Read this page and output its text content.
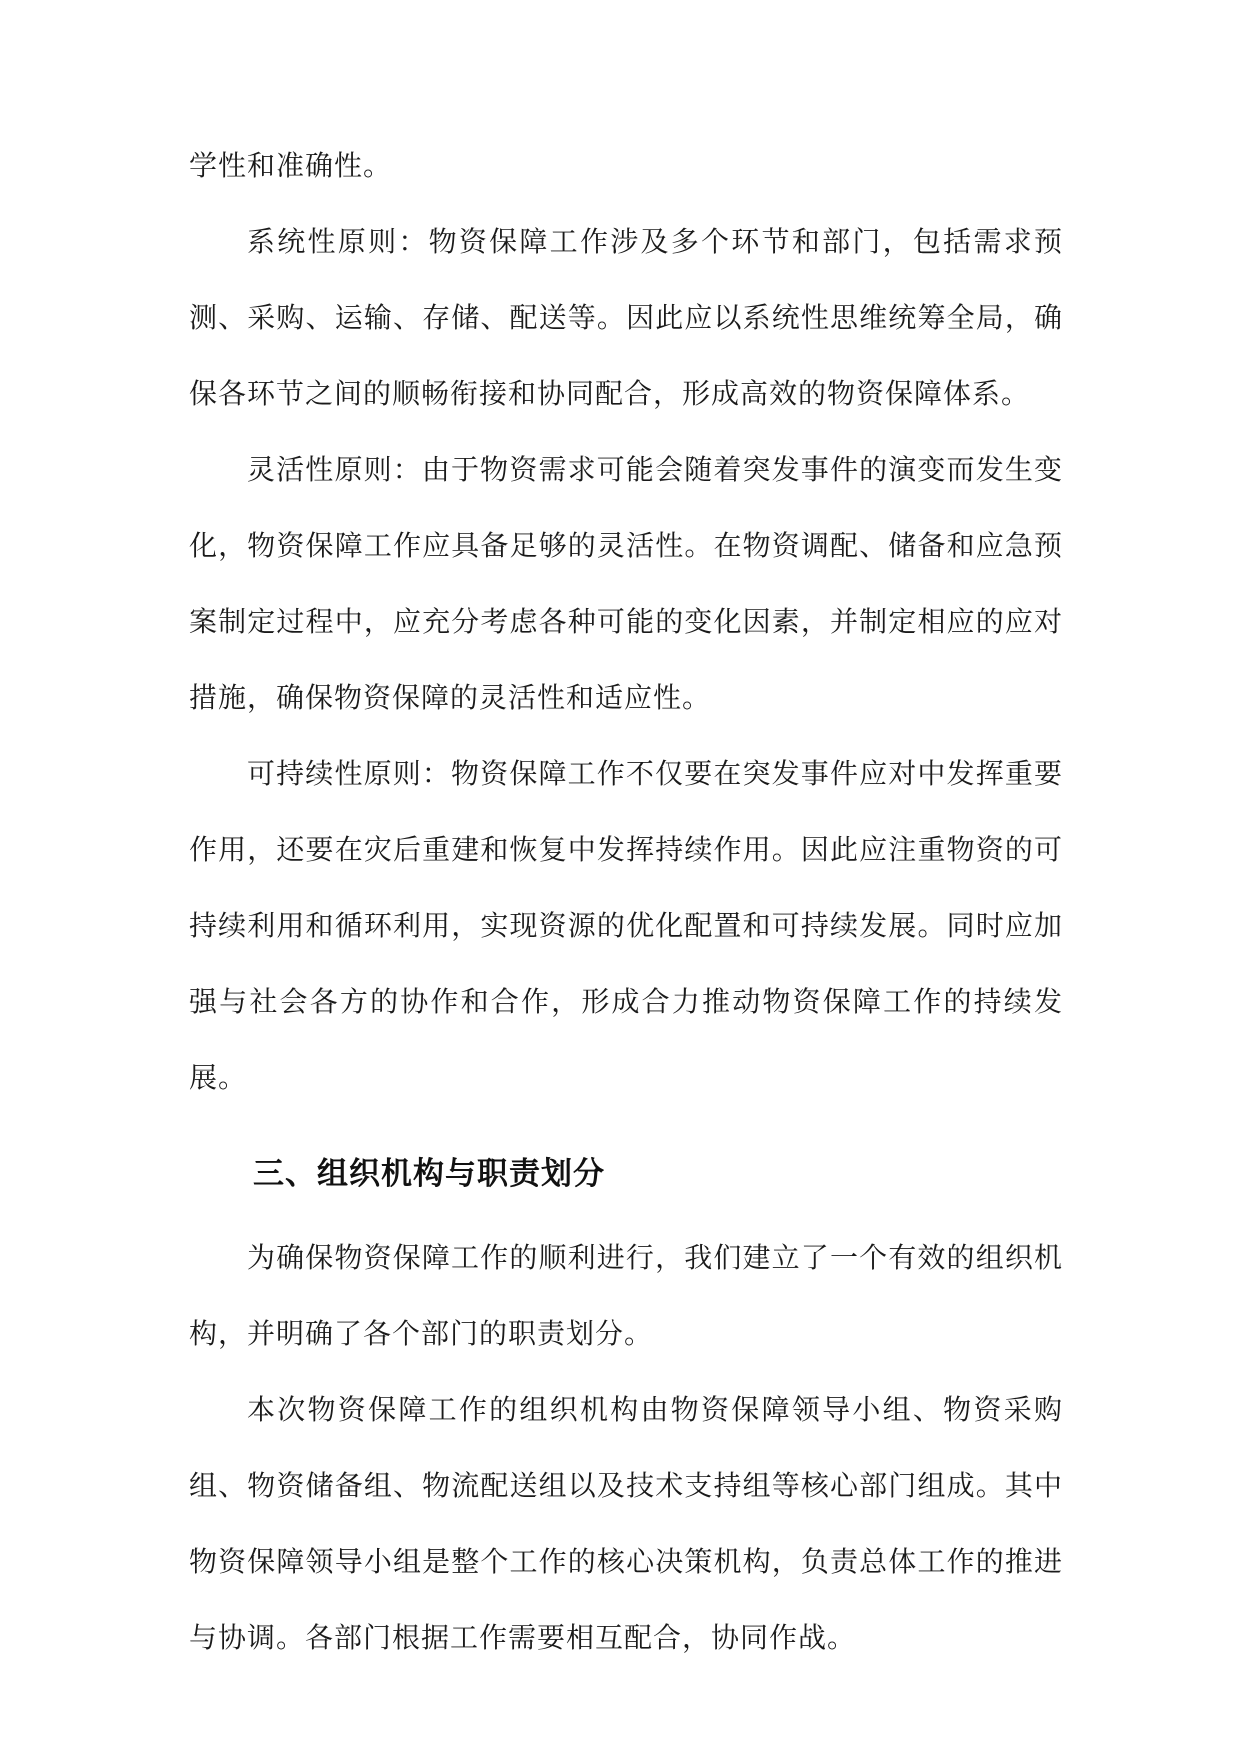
学性和准确性。

系统性原则：物资保障工作涉及多个环节和部门，包括需求预测、采购、运输、存储、配送等。因此应以系统性思维统筹全局，确保各环节之间的顺畅衔接和协同配合，形成高效的物资保障体系。

灵活性原则：由于物资需求可能会随着突发事件的演变而发生变化，物资保障工作应具备足够的灵活性。在物资调配、储备和应急预案制定过程中，应充分考虑各种可能的变化因素，并制定相应的应对措施，确保物资保障的灵活性和适应性。

可持续性原则：物资保障工作不仅要在突发事件应对中发挥重要作用，还要在灾后重建和恢复中发挥持续作用。因此应注重物资的可持续利用和循环利用，实现资源的优化配置和可持续发展。同时应加强与社会各方的协作和合作，形成合力推动物资保障工作的持续发展。

三、组织机构与职责划分

为确保物资保障工作的顺利进行，我们建立了一个有效的组织机构，并明确了各个部门的职责划分。

本次物资保障工作的组织机构由物资保障领导小组、物资采购组、物资储备组、物流配送组以及技术支持组等核心部门组成。其中物资保障领导小组是整个工作的核心决策机构，负责总体工作的推进与协调。各部门根据工作需要相互配合，协同作战。
